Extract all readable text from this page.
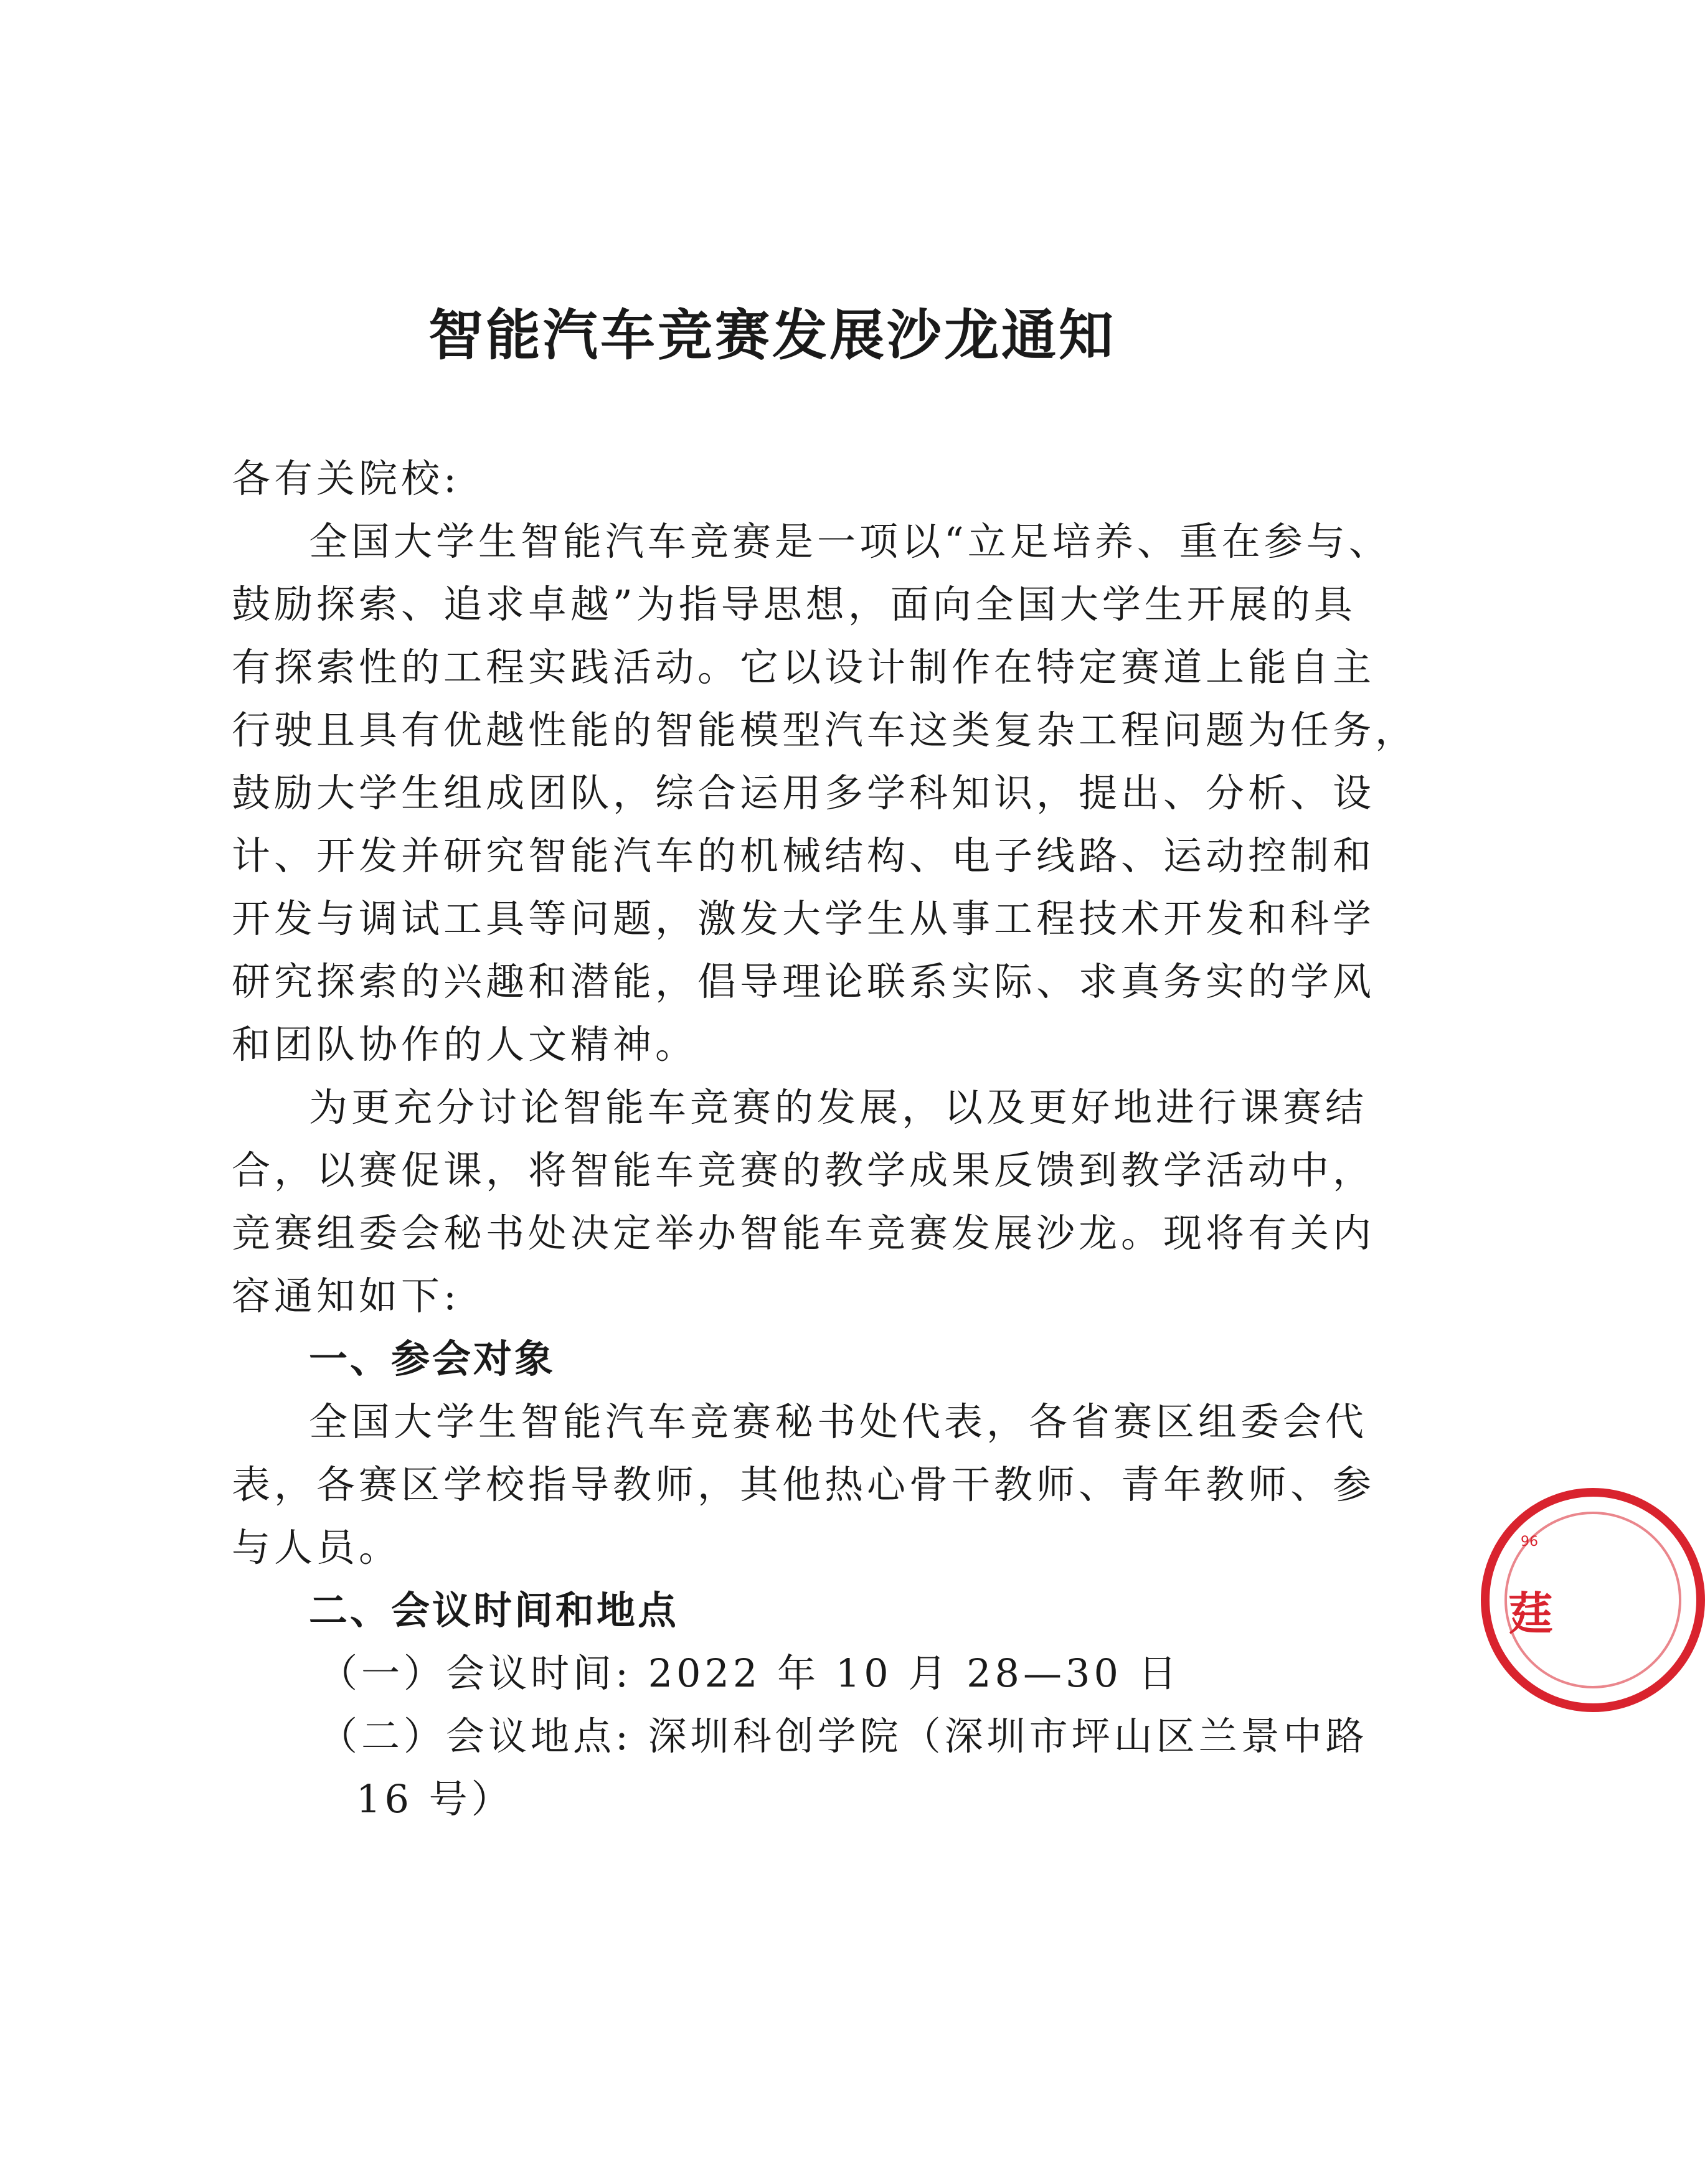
智能汽车竞赛发展沙龙通知
各有关院校:
全国大学生智能汽车竞赛是一项以“立足培养、重在参与、
鼓励探索、追求卓越”为指导思想，面向全国大学生开展的具
有探索性的工程实践活动。它以设计制作在特定赛道上能自主
行驶且具有优越性能的智能模型汽车这类复杂工程问题为任务，
鼓励大学生组成团队，综合运用多学科知识，提出、分析、设
计、开发并研究智能汽车的机械结构、电子线路、运动控制和
开发与调试工具等问题，激发大学生从事工程技术开发和科学
研究探索的兴趣和潜能，倡导理论联系实际、求真务实的学风
和团队协作的人文精神。
为更充分讨论智能车竞赛的发展，以及更好地进行课赛结
合，以赛促课，将智能车竞赛的教学成果反馈到教学活动中，
竞赛组委会秘书处决定举办智能车竞赛发展沙龙。现将有关内
容通知如下:
一、参会对象
全国大学生智能汽车竞赛秘书处代表，各省赛区组委会代
表，各赛区学校指导教师，其他热心骨干教师、青年教师、参
与人员。
二、会议时间和地点
（一）会议时间: 2022 年 10 月 28—30 日
（二）会议地点: 深圳科创学院（深圳市坪山区兰景中路
16 号）
96
莛
